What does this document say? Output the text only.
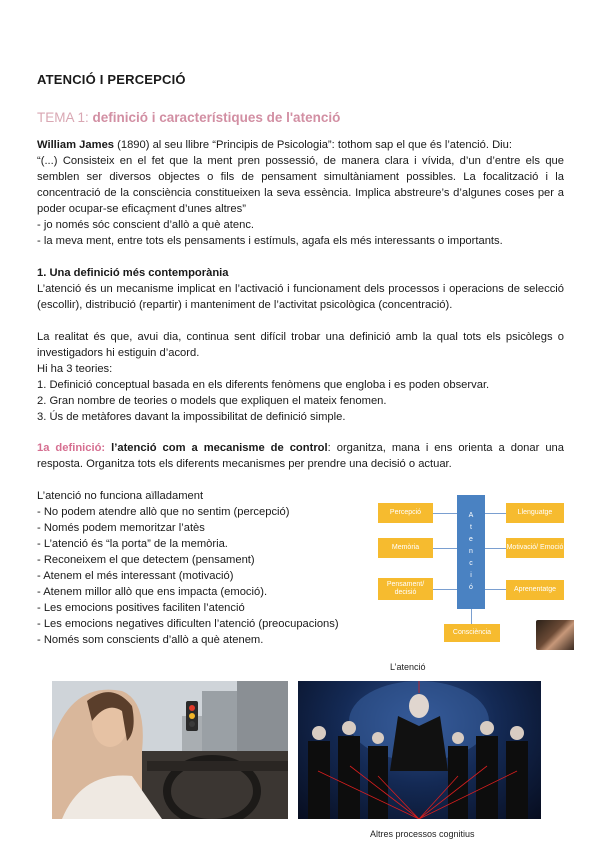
ATENCIÓ I PERCEPCIÓ
TEMA 1: definició i característiques de l'atenció

William James (1890) al seu llibre “Principis de Psicologia”: tothom sap el que és l’atenció. Diu:

“(...) Consisteix en el fet que la ment pren possessió, de manera clara i vívida, d’un d’entre els que semblen ser diversos objectes o fils de pensament simultàniament possibles. La focalització i la concentració de la consciència constitueixen la seva essència. Implica abstreure’s d’algunes coses per a poder ocupar-se eficaçment d’unes altres”

- jo només sóc conscient d’allò a què atenc.
- la meva ment, entre tots els pensaments i estímuls, agafa els més interessants o importants.
1. Una definició més contemporània

L’atenció és un mecanisme implicat en l’activació i funcionament dels processos i operacions de selecció (escollir), distribució (repartir) i manteniment de l’activitat psicològica (concentració).

La realitat és que, avui dia, continua sent difícil trobar una definició amb la qual tots els psicòlegs o investigadors hi estiguin d’acord.

Hi ha 3 teories:
1. Definició conceptual basada en els diferents fenòmens que engloba i es poden observar.
2. Gran nombre de teories o models que expliquen el mateix fenomen.
3. Ús de metàfores davant la impossibilitat de definició simple.

1a definició: l’atenció com a mecanisme de control: organitza, mana i ens orienta a donar una resposta. Organitza tots els diferents mecanismes per prendre una decisió o actuar.

L’atenció no funciona aïlladament
- No podem atendre allò que no sentim (percepció)
- Només podem memoritzar l’atès
- L’atenció és “la porta” de la memòria.
- Reconeixem el que detectem (pensament)
- Atenem el més interessant (motivació)
- Atenem millor allò que ens impacta (emoció).
- Les emocions positives faciliten l’atenció
- Les emocions negatives dificulten l’atenció (preocupacions)
- Només som conscients d’allò a què atenem.
Percepció
Memòria
Pensament/ decisió
A
t
e
n
c
i
ó
Llenguatge
Motivació/ Emoció
Aprenentatge
Consciència
L’atenció
Altres processos cognitius
